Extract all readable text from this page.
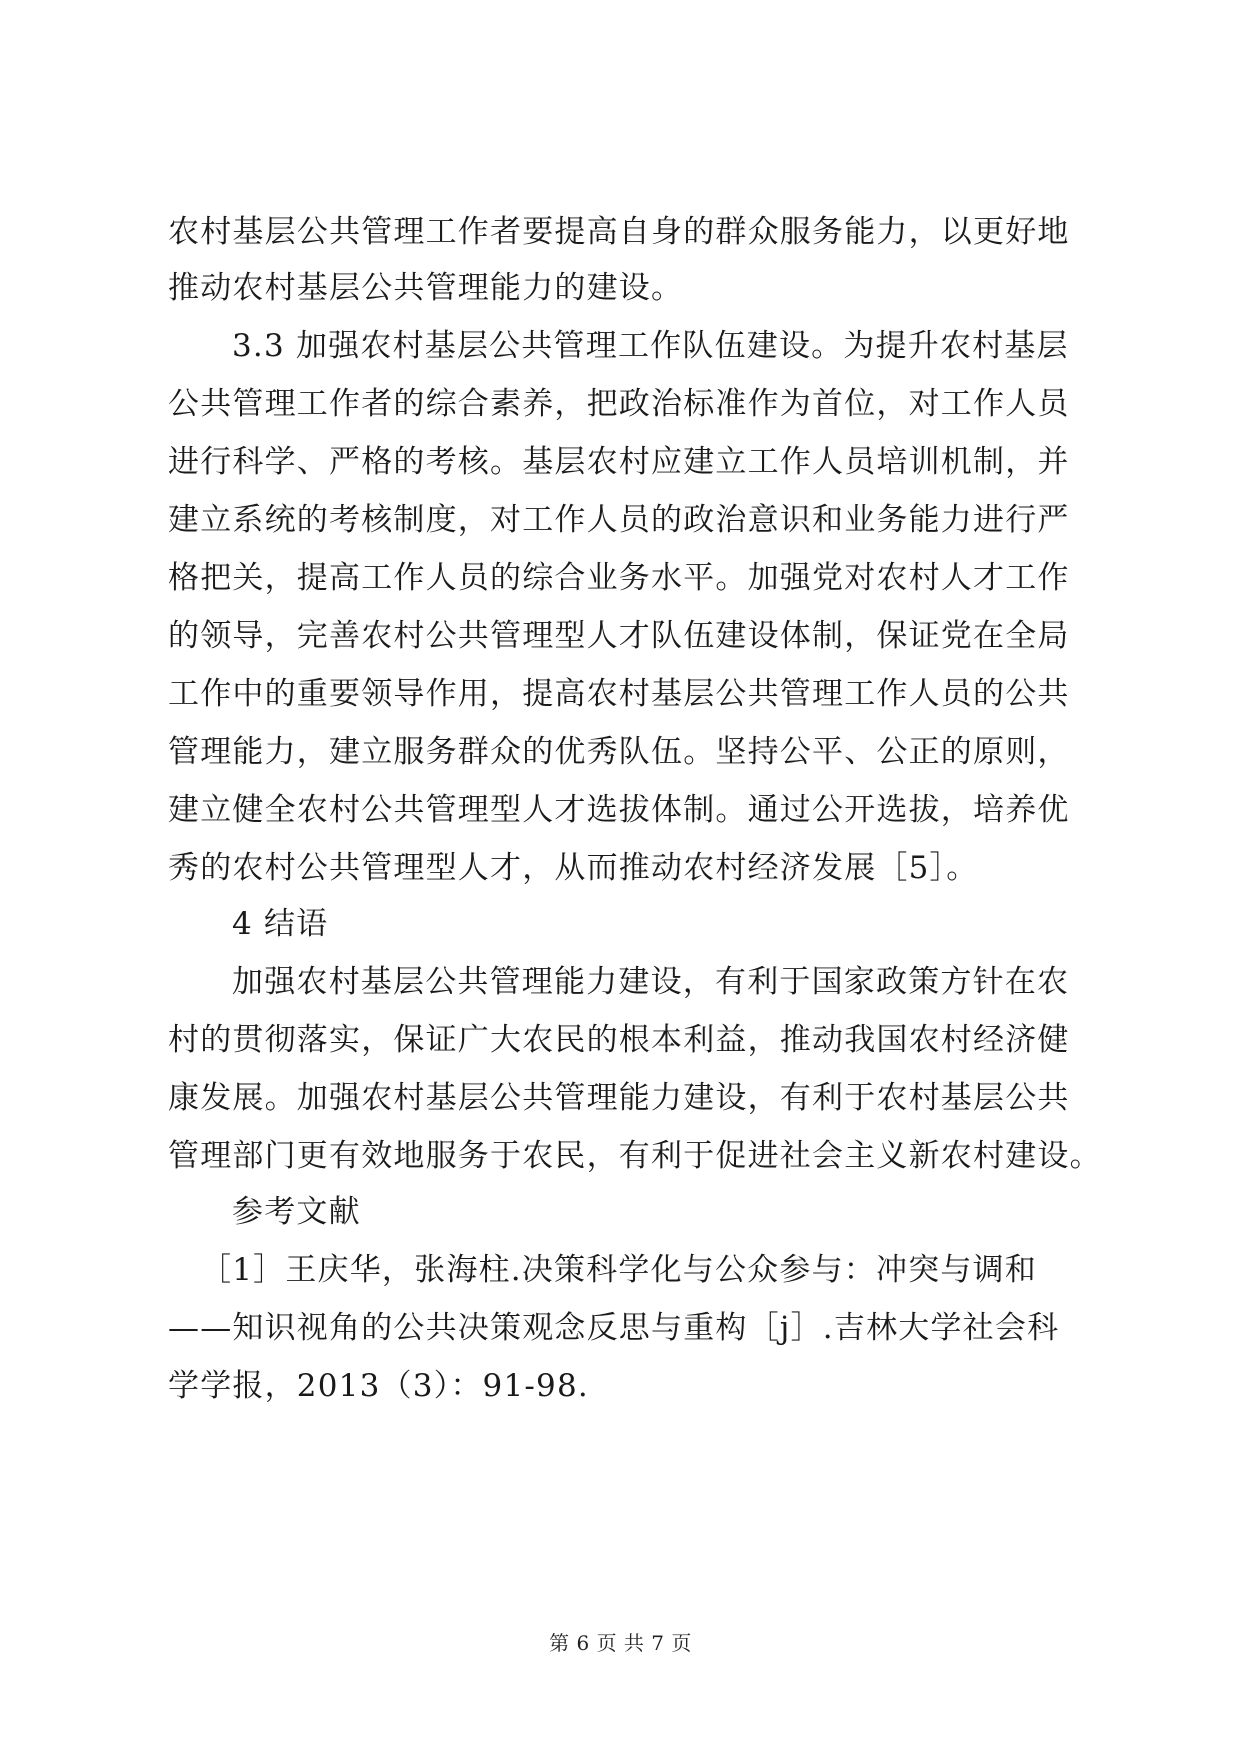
农村基层公共管理工作者要提高自身的群众服务能力，以更好地
推动农村基层公共管理能力的建设。
3.3 加强农村基层公共管理工作队伍建设。为提升农村基层
公共管理工作者的综合素养，把政治标准作为首位，对工作人员
进行科学、严格的考核。基层农村应建立工作人员培训机制，并
建立系统的考核制度，对工作人员的政治意识和业务能力进行严
格把关，提高工作人员的综合业务水平。加强党对农村人才工作
的领导，完善农村公共管理型人才队伍建设体制，保证党在全局
工作中的重要领导作用，提高农村基层公共管理工作人员的公共
管理能力，建立服务群众的优秀队伍。坚持公平、公正的原则，
建立健全农村公共管理型人才选拔体制。通过公开选拔，培养优
秀的农村公共管理型人才，从而推动农村经济发展［5］。
4 结语
加强农村基层公共管理能力建设，有利于国家政策方针在农
村的贯彻落实，保证广大农民的根本利益，推动我国农村经济健
康发展。加强农村基层公共管理能力建设，有利于农村基层公共
管理部门更有效地服务于农民，有利于促进社会主义新农村建设。
参考文献
［1］王庆华，张海柱.决策科学化与公众参与：冲突与调和
——知识视角的公共决策观念反思与重构［j］.吉林大学社会科
学学报，2013（3）：91-98.
第 6 页 共 7 页
